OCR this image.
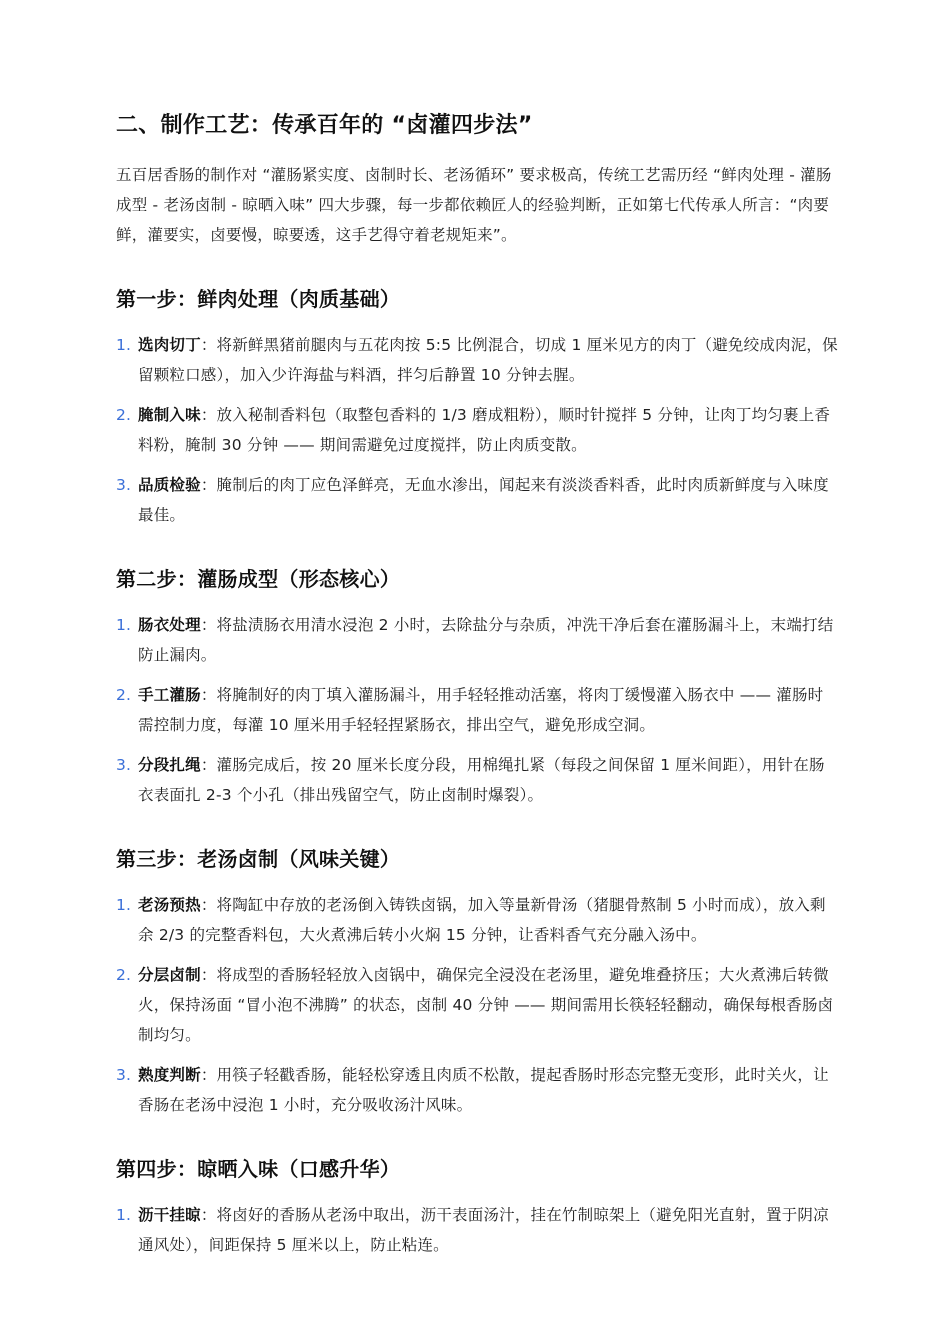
二、制作工艺：传承百年的 “卤灌四步法”

五百居香肠的制作对 “灌肠紧实度、卤制时长、老汤循环” 要求极高，传统工艺需历经 “鲜肉处理 - 灌肠成型 - 老汤卤制 - 晾晒入味” 四大步骤，每一步都依赖匠人的经验判断，正如第七代传承人所言：“肉要鲜，灌要实，卤要慢，晾要透，这手艺得守着老规矩来”。

第一步：鲜肉处理（肉质基础）
1. 选肉切丁：将新鲜黑猪前腿肉与五花肉按 5:5 比例混合，切成 1 厘米见方的肉丁（避免绞成肉泥，保留颗粒口感），加入少许海盐与料酒，拌匀后静置 10 分钟去腥。
2. 腌制入味：放入秘制香料包（取整包香料的 1/3 磨成粗粉），顺时针搅拌 5 分钟，让肉丁均匀裹上香料粉，腌制 30 分钟 —— 期间需避免过度搅拌，防止肉质变散。
3. 品质检验：腌制后的肉丁应色泽鲜亮，无血水渗出，闻起来有淡淡香料香，此时肉质新鲜度与入味度最佳。
第二步：灌肠成型（形态核心）
1. 肠衣处理：将盐渍肠衣用清水浸泡 2 小时，去除盐分与杂质，冲洗干净后套在灌肠漏斗上，末端打结防止漏肉。
2. 手工灌肠：将腌制好的肉丁填入灌肠漏斗，用手轻轻推动活塞，将肉丁缓慢灌入肠衣中 —— 灌肠时需控制力度，每灌 10 厘米用手轻轻捏紧肠衣，排出空气，避免形成空洞。
3. 分段扎绳：灌肠完成后，按 20 厘米长度分段，用棉绳扎紧（每段之间保留 1 厘米间距），用针在肠衣表面扎 2-3 个小孔（排出残留空气，防止卤制时爆裂）。
第三步：老汤卤制（风味关键）
1. 老汤预热：将陶缸中存放的老汤倒入铸铁卤锅，加入等量新骨汤（猪腿骨熬制 5 小时而成），放入剩余 2/3 的完整香料包，大火煮沸后转小火焖 15 分钟，让香料香气充分融入汤中。
2. 分层卤制：将成型的香肠轻轻放入卤锅中，确保完全浸没在老汤里，避免堆叠挤压；大火煮沸后转微火，保持汤面 “冒小泡不沸腾” 的状态，卤制 40 分钟 —— 期间需用长筷轻轻翻动，确保每根香肠卤制均匀。
3. 熟度判断：用筷子轻戳香肠，能轻松穿透且肉质不松散，提起香肠时形态完整无变形，此时关火，让香肠在老汤中浸泡 1 小时，充分吸收汤汁风味。
第四步：晾晒入味（口感升华）
1. 沥干挂晾：将卤好的香肠从老汤中取出，沥干表面汤汁，挂在竹制晾架上（避免阳光直射，置于阴凉通风处），间距保持 5 厘米以上，防止粘连。
